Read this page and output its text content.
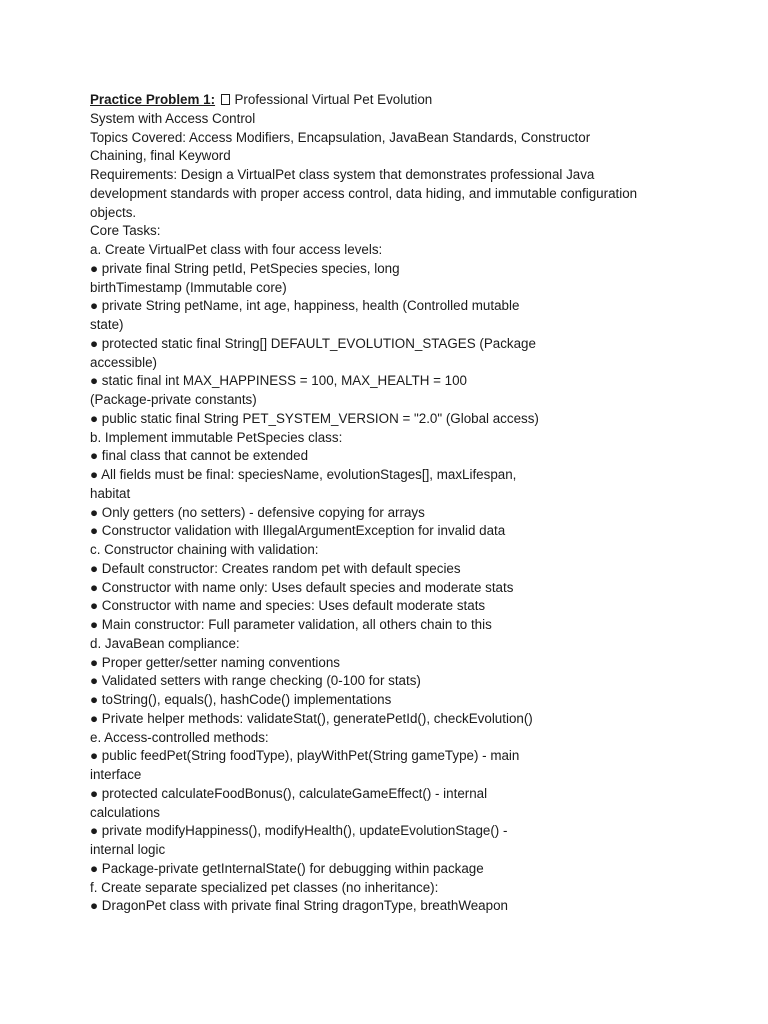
Practice Problem 1:  Professional Virtual Pet Evolution
System with Access Control
Topics Covered: Access Modifiers, Encapsulation, JavaBean Standards, Constructor
Chaining, final Keyword
Requirements: Design a VirtualPet class system that demonstrates professional Java
development standards with proper access control, data hiding, and immutable configuration
objects.
Core Tasks:
a. Create VirtualPet class with four access levels:
● private final String petId, PetSpecies species, long
birthTimestamp (Immutable core)
● private String petName, int age, happiness, health (Controlled mutable
state)
● protected static final String[] DEFAULT_EVOLUTION_STAGES (Package
accessible)
● static final int MAX_HAPPINESS = 100, MAX_HEALTH = 100
(Package-private constants)
● public static final String PET_SYSTEM_VERSION = "2.0" (Global access)
b. Implement immutable PetSpecies class:
● final class that cannot be extended
● All fields must be final: speciesName, evolutionStages[], maxLifespan,
habitat
● Only getters (no setters) - defensive copying for arrays
● Constructor validation with IllegalArgumentException for invalid data
c. Constructor chaining with validation:
● Default constructor: Creates random pet with default species
● Constructor with name only: Uses default species and moderate stats
● Constructor with name and species: Uses default moderate stats
● Main constructor: Full parameter validation, all others chain to this
d. JavaBean compliance:
● Proper getter/setter naming conventions
● Validated setters with range checking (0-100 for stats)
● toString(), equals(), hashCode() implementations
● Private helper methods: validateStat(), generatePetId(), checkEvolution()
e. Access-controlled methods:
● public feedPet(String foodType), playWithPet(String gameType) - main
interface
● protected calculateFoodBonus(), calculateGameEffect() - internal
calculations
● private modifyHappiness(), modifyHealth(), updateEvolutionStage() -
internal logic
● Package-private getInternalState() for debugging within package
f. Create separate specialized pet classes (no inheritance):
● DragonPet class with private final String dragonType, breathWeapon
